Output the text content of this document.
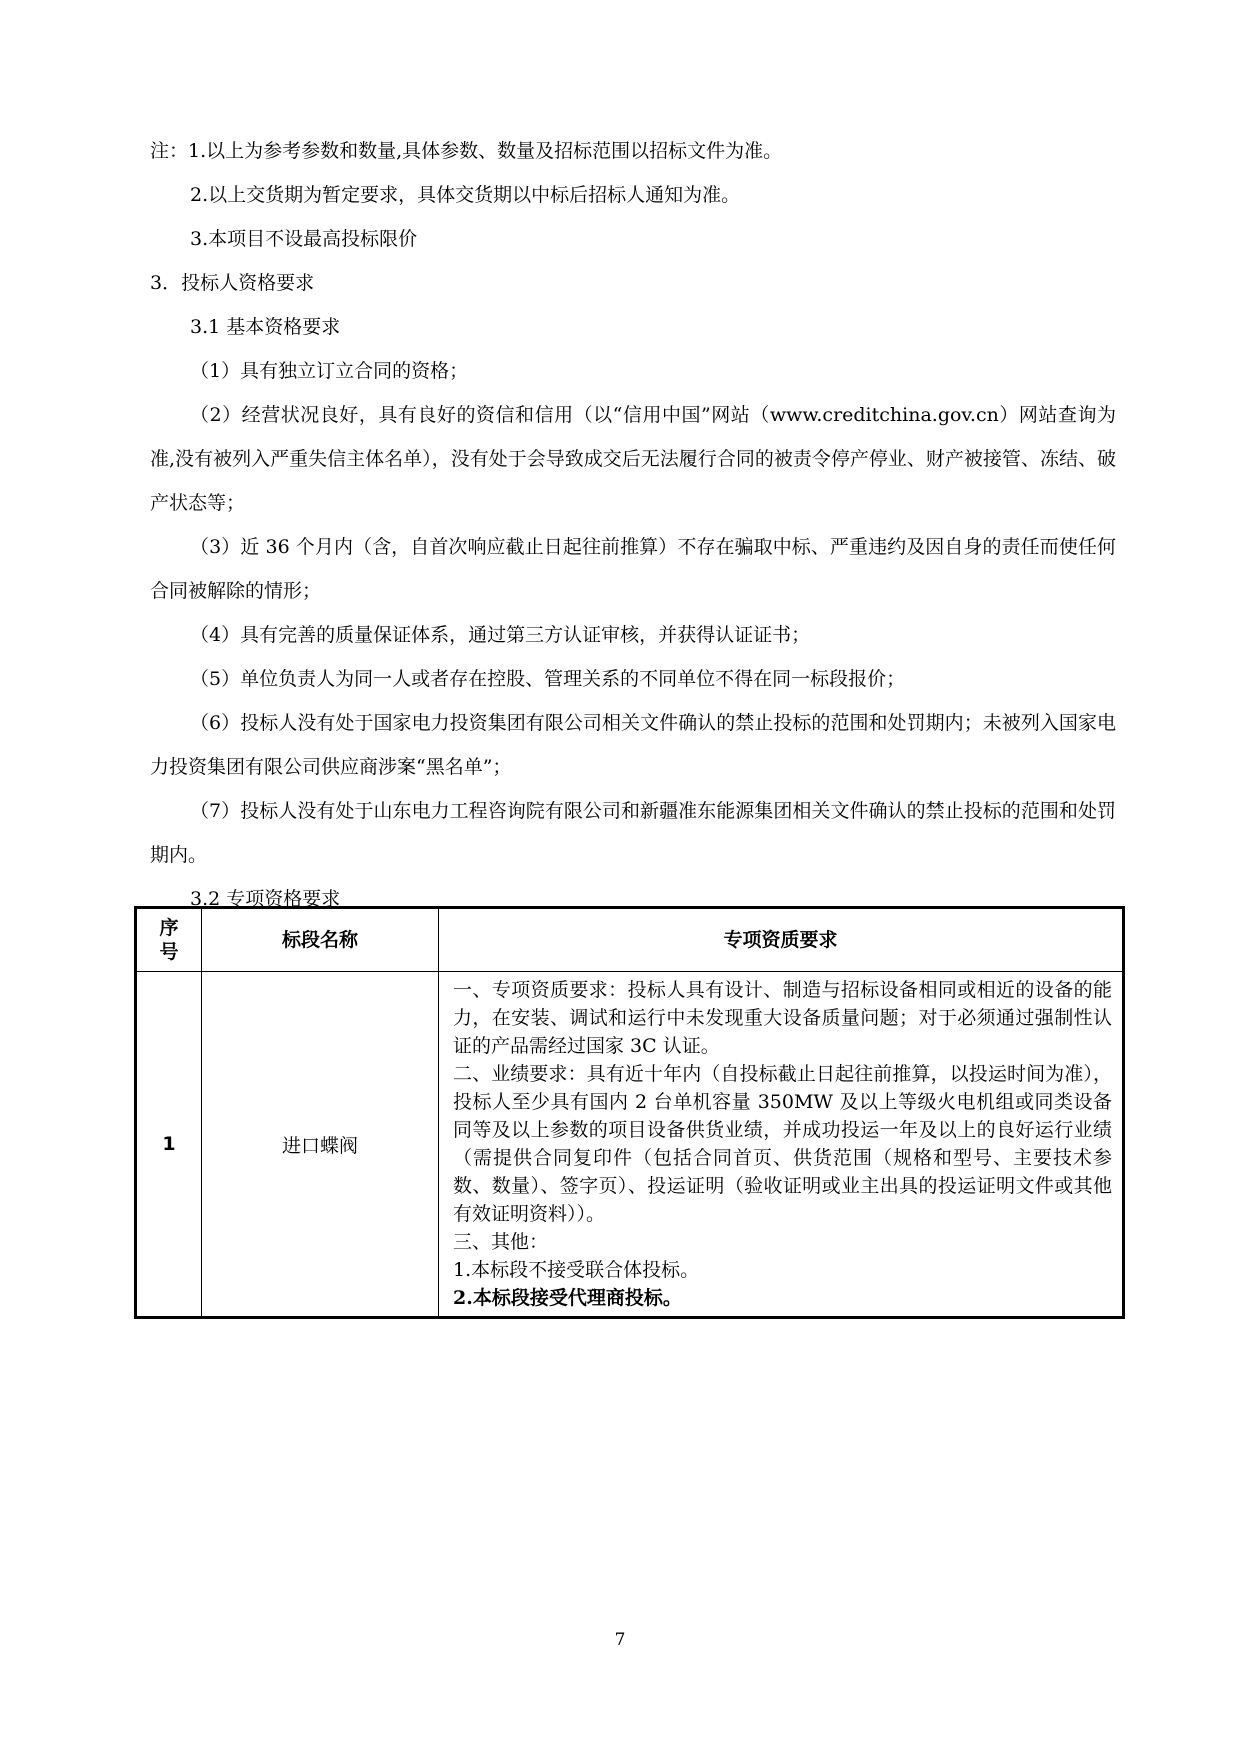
注：1.以上为参考参数和数量,具体参数、数量及招标范围以招标文件为准。

2.以上交货期为暂定要求，具体交货期以中标后招标人通知为准。

3.本项目不设最高投标限价

3．投标人资格要求

3.1 基本资格要求

（1）具有独立订立合同的资格；

（2）经营状况良好，具有良好的资信和信用（以“信用中国”网站（www.creditchina.gov.cn）网站查询为准,没有被列入严重失信主体名单），没有处于会导致成交后无法履行合同的被责令停产停业、财产被接管、冻结、破产状态等；

（3）近 36 个月内（含，自首次响应截止日起往前推算）不存在骗取中标、严重违约及因自身的责任而使任何合同被解除的情形；

（4）具有完善的质量保证体系，通过第三方认证审核，并获得认证证书；

（5）单位负责人为同一人或者存在控股、管理关系的不同单位不得在同一标段报价；

（6）投标人没有处于国家电力投资集团有限公司相关文件确认的禁止投标的范围和处罚期内；未被列入国家电力投资集团有限公司供应商涉案“黑名单”；

（7）投标人没有处于山东电力工程咨询院有限公司和新疆准东能源集团相关文件确认的禁止投标的范围和处罚期内。

3.2 专项资格要求

序号	标段名称	专项资质要求
1	进口蝶阀	一、专项资质要求：投标人具有设计、制造与招标设备相同或相近的设备的能力，在安装、调试和运行中未发现重大设备质量问题；对于必须通过强制性认证的产品需经过国家 3C 认证。

二、业绩要求：具有近十年内（自投标截止日起往前推算，以投运时间为准），投标人至少具有国内 2 台单机容量 350MW 及以上等级火电机组或同类设备同等及以上参数的项目设备供货业绩，并成功投运一年及以上的良好运行业绩（需提供合同复印件（包括合同首页、供货范围（规格和型号、主要技术参数、数量）、签字页）、投运证明（验收证明或业主出具的投运证明文件或其他有效证明资料））。

三、其他：

1.本标段不接受联合体投标。

2.本标段接受代理商投标。

7
